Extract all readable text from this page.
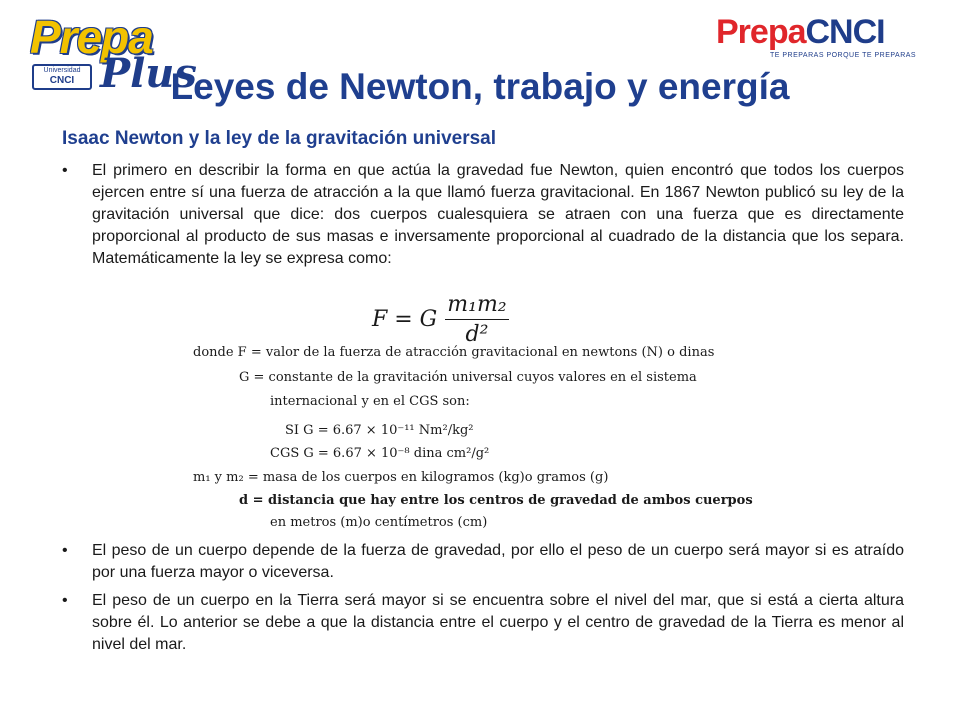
Prepa
Universidad
CNCI Plus
PrepaCNCI
TE PREPARAS PORQUE TE PREPARAS
Leyes de Newton, trabajo y energía
Isaac Newton y la ley de la gravitación universal
• El primero en describir la forma en que actúa la gravedad fue Newton, quien encontró que todos los cuerpos ejercen entre sí una fuerza de atracción a la que llamó fuerza gravitacional. En 1867 Newton publicó su ley de la gravitación universal que dice: dos cuerpos cualesquiera se atraen con una fuerza que es directamente proporcional al producto de sus masas e inversamente proporcional al cuadrado de la distancia que los separa. Matemáticamente la ley se expresa como:
F = G $\frac{\text{m₁m₂}}{\text{d²}}$
donde F = valor de la fuerza de atracción gravitacional en newtons (N) o dinas
G = constante de la gravitación universal cuyos valores en el sistema
internacional y en el CGS son:
SI G = 6.67 × 10⁻¹¹ Nm²/kg²
CGS G = 6.67 × 10⁻⁸ dina cm²/g²
m₁ y m₂ = masa de los cuerpos en kilogramos (kg)o gramos (g)
d = distancia que hay entre los centros de gravedad de ambos cuerpos
en metros (m)o centímetros (cm)
• El peso de un cuerpo depende de la fuerza de gravedad, por ello el peso de un cuerpo será mayor si es atraído por una fuerza mayor o viceversa.
• El peso de un cuerpo en la Tierra será mayor si se encuentra sobre el nivel del mar, que si está a cierta altura sobre él. Lo anterior se debe a que la distancia entre el cuerpo y el centro de gravedad de la Tierra es menor al nivel del mar.
